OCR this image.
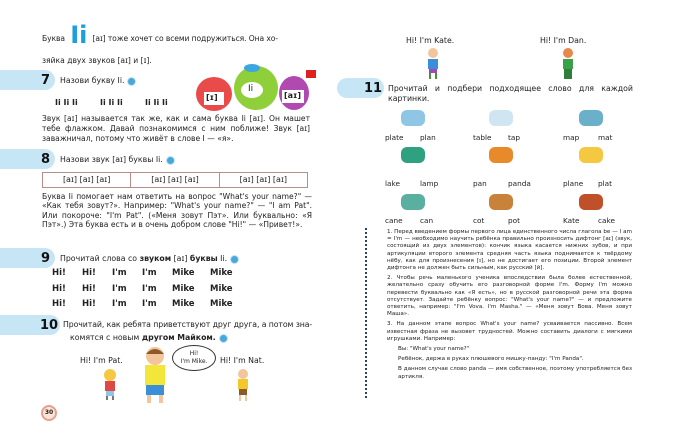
Буква Ii [aɪ] тоже хочет со всеми подружиться. Она хо-
зяйка двух звуков [aɪ] и [ɪ].
7 Назови букву Ii.
Ii Ii Ii	Ii Ii Ii	Ii Ii Ii
[ɪ]
Ii
[aɪ]
Звук [aɪ] называется так же, как и сама буква Ii [aɪ]. Он машет тебе флажком. Давай познакомимся с ним поближе! Звук [aɪ] заважничал, потому что живёт в слове I — «я».
8 Назови звук [aɪ] буквы Ii.
[aɪ] [aɪ] [aɪ]	[aɪ] [aɪ] [aɪ]	[aɪ] [aɪ] [aɪ]
Буква Ii помогает нам ответить на вопрос "What's your name?" — «Как тебя зовут?». Например: "What's your name?" — "I am Pat". Или покороче: "I'm Pat". («Меня зовут Пэт». Или буквально: «Я Пэт».) Эта буква есть и в очень добром слове "Hi!" — «Привет!».
9 Прочитай слова со звуком [aɪ] буквы Ii.
Hi! Hi! I'm I'm Mike Mike
Hi! Hi! I'm I'm Mike Mike
Hi! Hi! I'm I'm Mike Mike
10 Прочитай, как ребята приветствуют друг друга, а потом зна-
комятся с новым другом Майком.
Hi! I'm Pat.
Hi!
I'm Mike.	Hi! I'm Nat.
30
Hi! I'm Kate.	Hi! I'm Dan.
11 Прочитай и подбери подходящее слово для каждой картинки.
plate plan	table tap	map	mat
lake	lamp	pan	panda	plane plat
cane can	cot	pot	Kate	cake
1. Перед введением формы первого лица единственного числа глагола be — I am = I'm — необходимо научить ребёнка правильно произносить дифтонг [aɪ] (звук, состоящий из двух элементов): кончик языка касается нижних зубов, и при артикуляции второго элемента средняя часть языка поднимается к твёрдому нёбу, как для произнесения [ɪ], но не достигает его позиции. Второй элемент дифтонга не должен быть сильным, как русский [й].
2. Чтобы речь маленького ученика впоследствии была более естественной, желательно сразу обучить его разговорной форме I'm. Форму I'm можно перевести буквально как «Я есть», но в русской разговорной речи эта форма отсутствует. Задайте ребёнку вопрос: "What's your name?" — и предложите ответить, например: "I'm Vova. I'm Masha." — «Меня зовут Вова. Меня зовут Маша».
3. На данном этапе вопрос What's your name? усваивается пассивно. Всем известная фраза не вызовет трудностей. Можно составить диалоги с мягкими игрушками. Например:
Вы: "What's your name?"
Ребёнок, держа в руках плюшевого мишку-панду: "I'm Panda".
В данном случае слово panda — имя собственное, поэтому употребляется без артикля.
